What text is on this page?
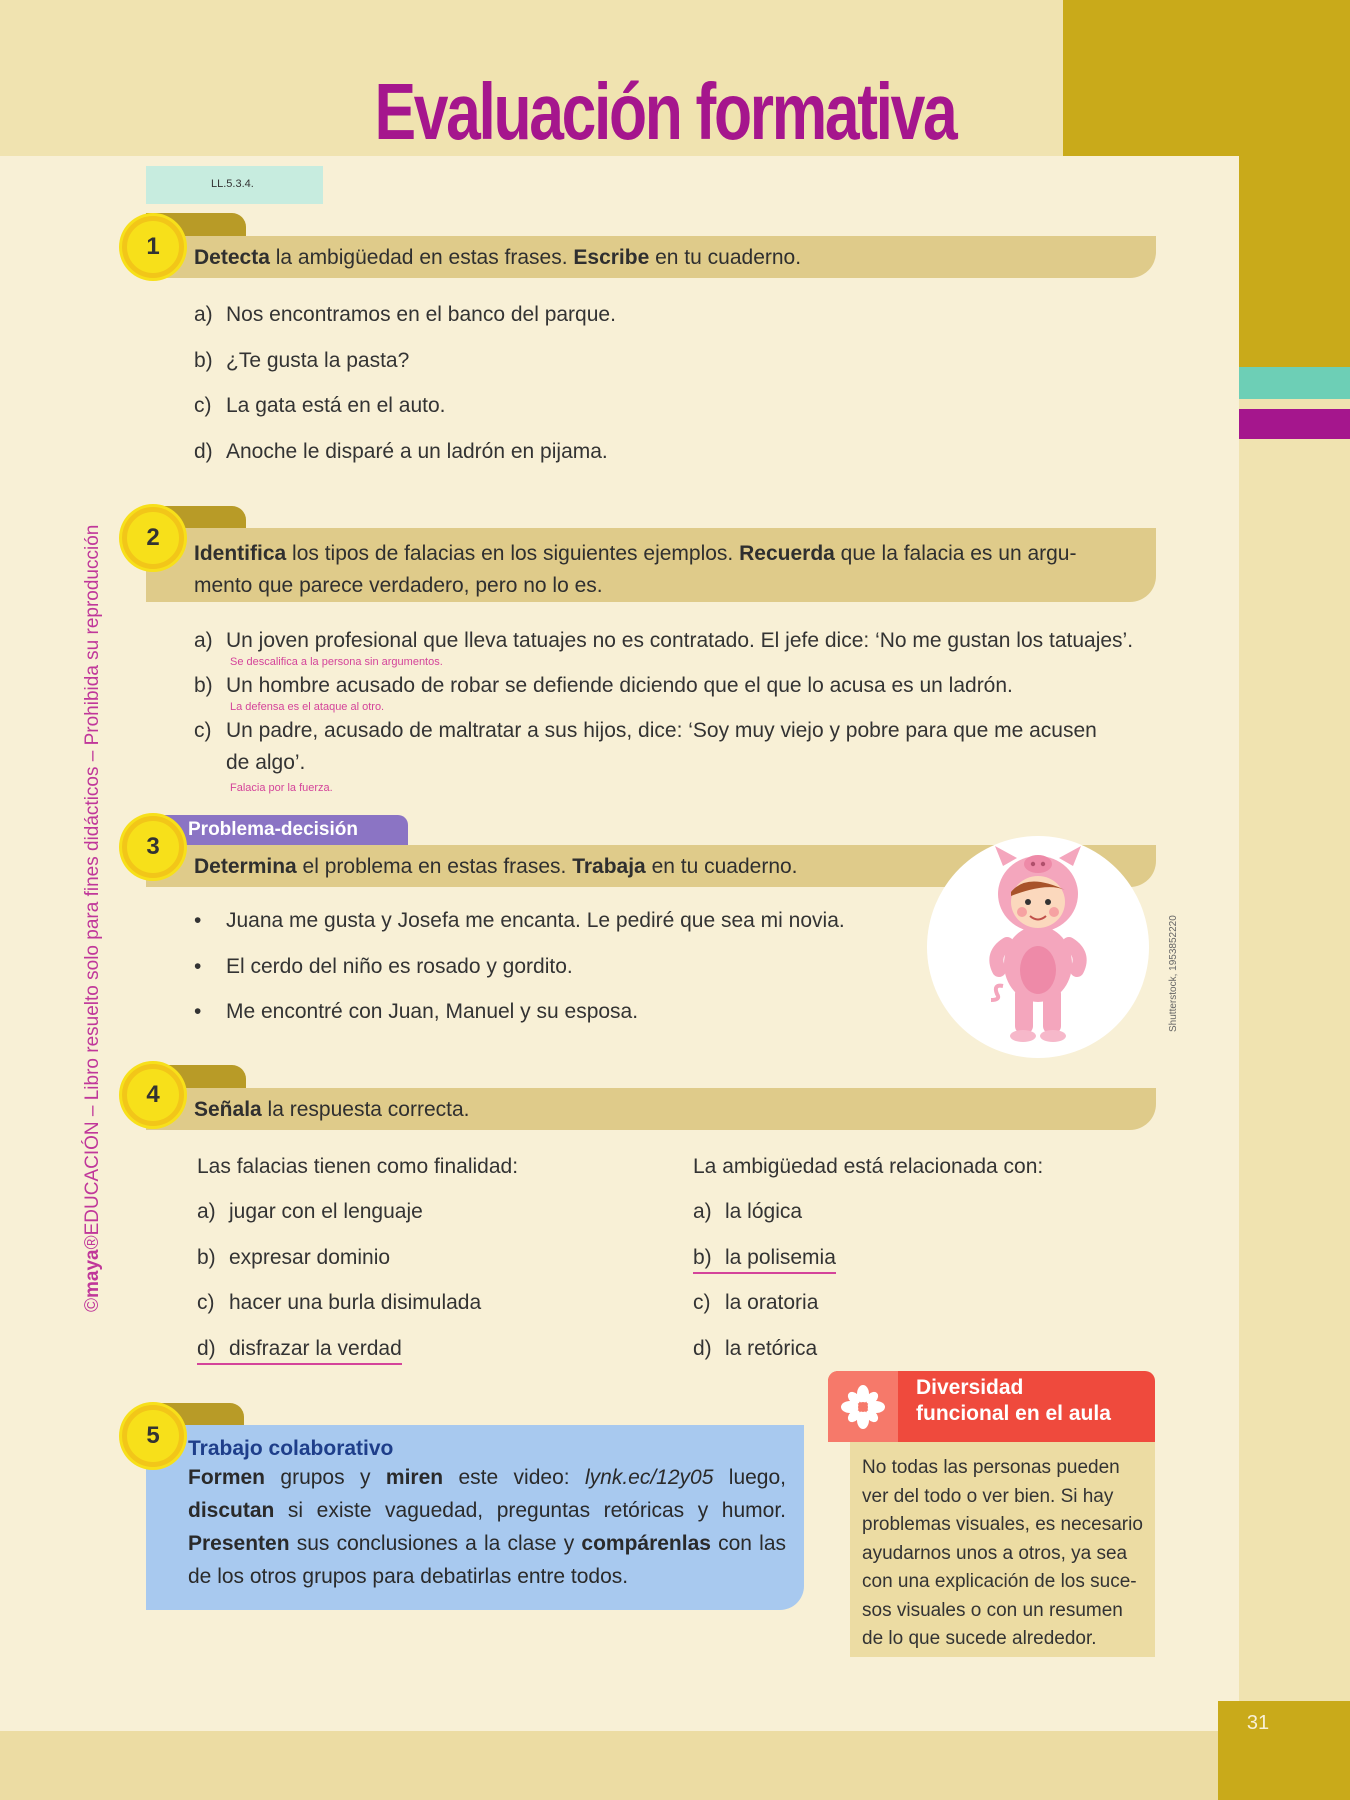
31
Evaluación formativa
LL.5.3.4.
©maya®EDUCACIÓN – Libro resuelto solo para fines didácticos – Prohibida su reproducción
1	Detecta la ambigüedad en estas frases. Escribe en tu cuaderno.
a) Nos encontramos en el banco del parque.
b) ¿Te gusta la pasta?
c) La gata está en el auto.
d) Anoche le disparé a un ladrón en pijama.
2
Identifica los tipos de falacias en los siguientes ejemplos. Recuerda que la falacia es un argu-
mento que parece verdadero, pero no lo es.
a) Un joven profesional que lleva tatuajes no es contratado. El jefe dice: ‘No me gustan los tatuajes’.
Se descalifica a la persona sin argumentos.
b) Un hombre acusado de robar se defiende diciendo que el que lo acusa es un ladrón.
La defensa es el ataque al otro.
c) Un padre, acusado de maltratar a sus hijos, dice: ‘Soy muy viejo y pobre para que me acusen
de algo’.
Falacia por la fuerza.
Problema-decisión
3
Determina el problema en estas frases. Trabaja en tu cuaderno.
• Juana me gusta y Josefa me encanta. Le pediré que sea mi novia.
• El cerdo del niño es rosado y gordito.
• Me encontré con Juan, Manuel y su esposa.	Shutterstock, 1953852220
4
Señala la respuesta correcta.
Las falacias tienen como finalidad:
a) jugar con el lenguaje
b) expresar dominio
c) hacer una burla disimulada
d) disfrazar la verdad
La ambigüedad está relacionada con:
a) la lógica
b) la polisemia
c) la oratoria
d) la retórica
Trabajo colaborativo
Formen grupos y miren este video: lynk.ec/12y05 luego, discutan si existe vaguedad, preguntas retóricas y humor. Presenten sus conclusiones a la clase y compárenlas con las de los otros grupos para debatirlas entre todos.
5
Diversidad
funcional en el aula
No todas las personas pueden ver del todo o ver bien. Si hay problemas visuales, es necesario ayudarnos unos a otros, ya sea con una explicación de los suce-sos visuales o con un resumen de lo que sucede alrededor.
